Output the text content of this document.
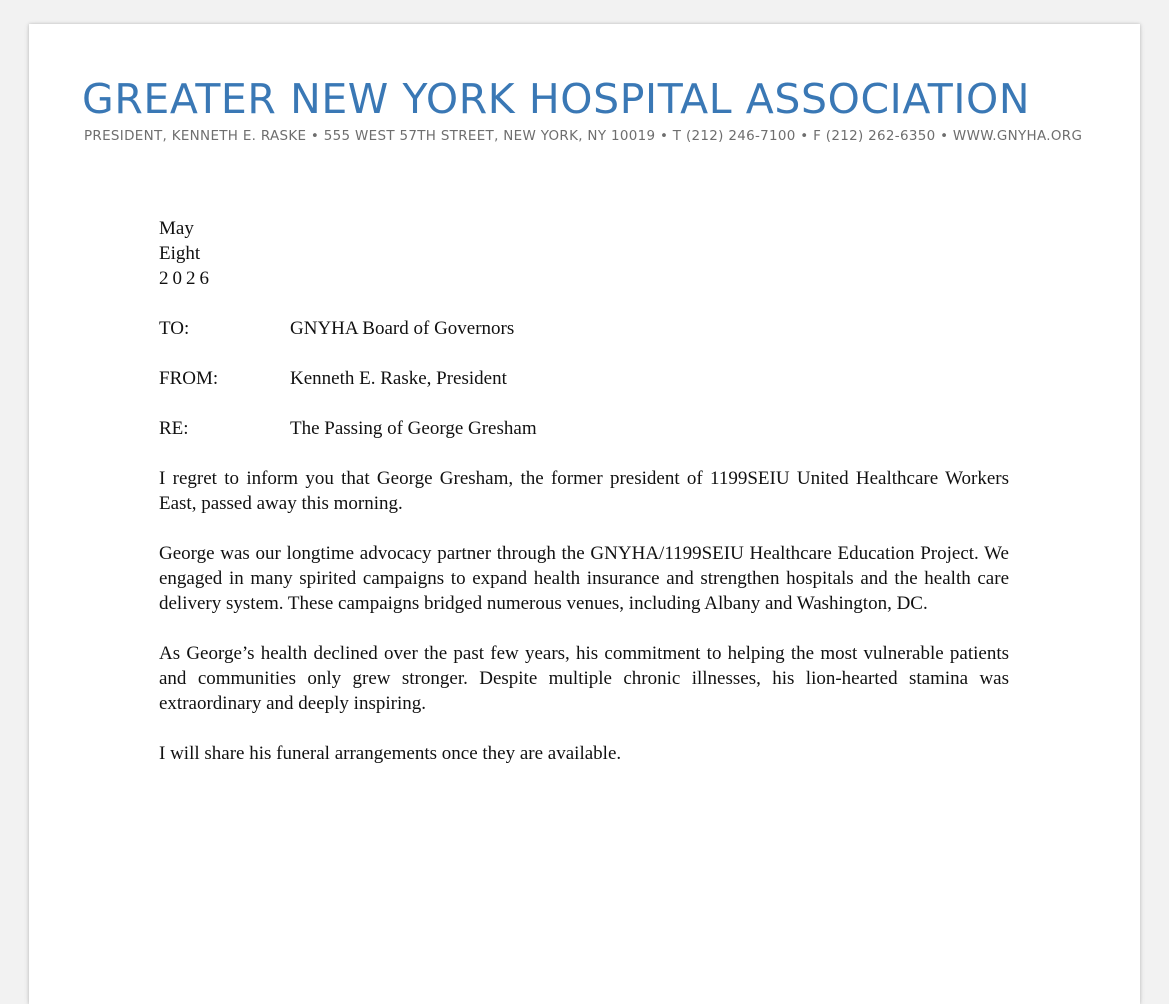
GREATER NEW YORK HOSPITAL ASSOCIATION
PRESIDENT, KENNETH E. RASKE • 555 WEST 57TH STREET, NEW YORK, NY 10019 • T (212) 246-7100 • F (212) 262-6350 • WWW.GNYHA.ORG
May
Eight
2026
TO:	GNYHA Board of Governors
FROM:	Kenneth E. Raske, President
RE:	The Passing of George Gresham

I regret to inform you that George Gresham, the former president of 1199SEIU United Healthcare Workers East, passed away this morning.

George was our longtime advocacy partner through the GNYHA/1199SEIU Healthcare Education Project. We engaged in many spirited campaigns to expand health insurance and strengthen hospitals and the health care delivery system. These campaigns bridged numerous venues, including Albany and Washington, DC.

As George’s health declined over the past few years, his commitment to helping the most vulnerable patients and communities only grew stronger. Despite multiple chronic illnesses, his lion-hearted stamina was extraordinary and deeply inspiring.

I will share his funeral arrangements once they are available.
